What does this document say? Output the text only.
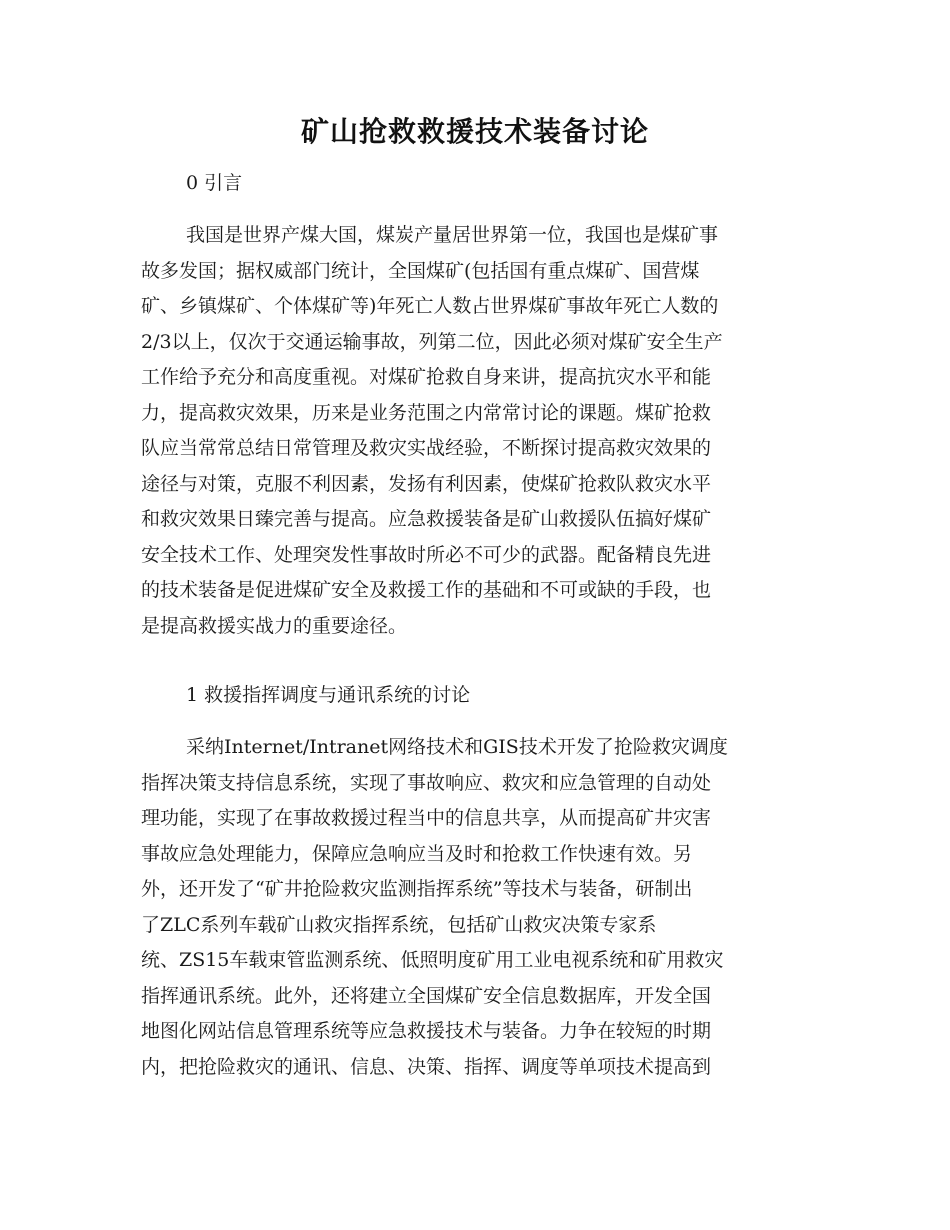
矿山抢救救援技术装备讨论
0 引言
我国是世界产煤大国，煤炭产量居世界第一位，我国也是煤矿事
故多发国；据权威部门统计，全国煤矿(包括国有重点煤矿、国营煤
矿、乡镇煤矿、个体煤矿等)年死亡人数占世界煤矿事故年死亡人数的
2/3以上，仅次于交通运输事故，列第二位，因此必须对煤矿安全生产
工作给予充分和高度重视。对煤矿抢救自身来讲，提高抗灾水平和能
力，提高救灾效果，历来是业务范围之内常常讨论的课题。煤矿抢救
队应当常常总结日常管理及救灾实战经验，不断探讨提高救灾效果的
途径与对策，克服不利因素，发扬有利因素，使煤矿抢救队救灾水平
和救灾效果日臻完善与提高。应急救援装备是矿山救援队伍搞好煤矿
安全技术工作、处理突发性事故时所必不可少的武器。配备精良先进
的技术装备是促进煤矿安全及救援工作的基础和不可或缺的手段，也
是提高救援实战力的重要途径。
1 救援指挥调度与通讯系统的讨论
采纳Internet/Intranet网络技术和GIS技术开发了抢险救灾调度
指挥决策支持信息系统，实现了事故响应、救灾和应急管理的自动处
理功能，实现了在事故救援过程当中的信息共享，从而提高矿井灾害
事故应急处理能力，保障应急响应当及时和抢救工作快速有效。另
外，还开发了“矿井抢险救灾监测指挥系统”等技术与装备，研制出
了ZLC系列车载矿山救灾指挥系统，包括矿山救灾决策专家系
统、ZS15车载束管监测系统、低照明度矿用工业电视系统和矿用救灾
指挥通讯系统。此外，还将建立全国煤矿安全信息数据库，开发全国
地图化网站信息管理系统等应急救援技术与装备。力争在较短的时期
内，把抢险救灾的通讯、信息、决策、指挥、调度等单项技术提高到
